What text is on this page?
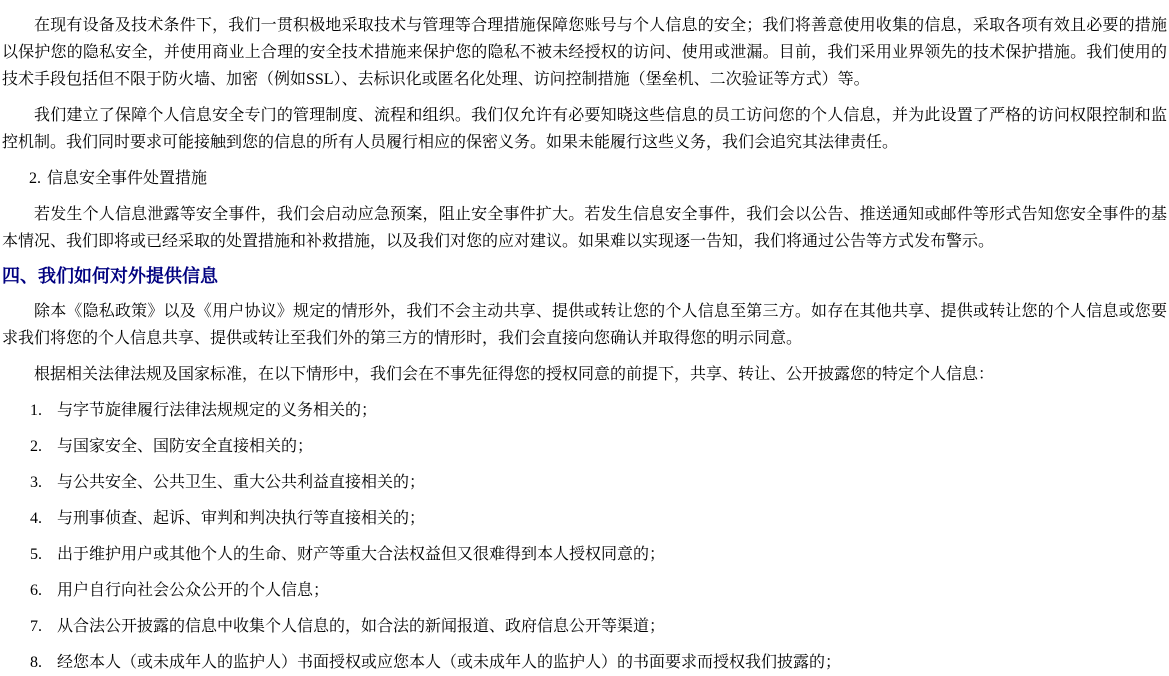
在现有设备及技术条件下，我们一贯积极地采取技术与管理等合理措施保障您账号与个人信息的安全；我们将善意使用收集的信息，采取各项有效且必要的措施以保护您的隐私安全，并使用商业上合理的安全技术措施来保护您的隐私不被未经授权的访问、使用或泄漏。目前，我们采用业界领先的技术保护措施。我们使用的技术手段包括但不限于防火墙、加密（例如SSL）、去标识化或匿名化处理、访问控制措施（堡垒机、二次验证等方式）等。

我们建立了保障个人信息安全专门的管理制度、流程和组织。我们仅允许有必要知晓这些信息的员工访问您的个人信息，并为此设置了严格的访问权限控制和监控机制。我们同时要求可能接触到您的信息的所有人员履行相应的保密义务。如果未能履行这些义务，我们会追究其法律责任。

2. 信息安全事件处置措施

若发生个人信息泄露等安全事件，我们会启动应急预案，阻止安全事件扩大。若发生信息安全事件，我们会以公告、推送通知或邮件等形式告知您安全事件的基本情况、我们即将或已经采取的处置措施和补救措施，以及我们对您的应对建议。如果难以实现逐一告知，我们将通过公告等方式发布警示。

四、我们如何对外提供信息

除本《隐私政策》以及《用户协议》规定的情形外，我们不会主动共享、提供或转让您的个人信息至第三方。如存在其他共享、提供或转让您的个人信息或您要求我们将您的个人信息共享、提供或转让至我们外的第三方的情形时，我们会直接向您确认并取得您的明示同意。

根据相关法律法规及国家标准，在以下情形中，我们会在不事先征得您的授权同意的前提下，共享、转让、公开披露您的特定个人信息：

1. 与字节旋律履行法律法规规定的义务相关的；
2. 与国家安全、国防安全直接相关的；
3. 与公共安全、公共卫生、重大公共利益直接相关的；
4. 与刑事侦查、起诉、审判和判决执行等直接相关的；
5. 出于维护用户或其他个人的生命、财产等重大合法权益但又很难得到本人授权同意的；
6. 用户自行向社会公众公开的个人信息；
7. 从合法公开披露的信息中收集个人信息的，如合法的新闻报道、政府信息公开等渠道；
8. 经您本人（或未成年人的监护人）书面授权或应您本人（或未成年人的监护人）的书面要求而授权我们披露的；
